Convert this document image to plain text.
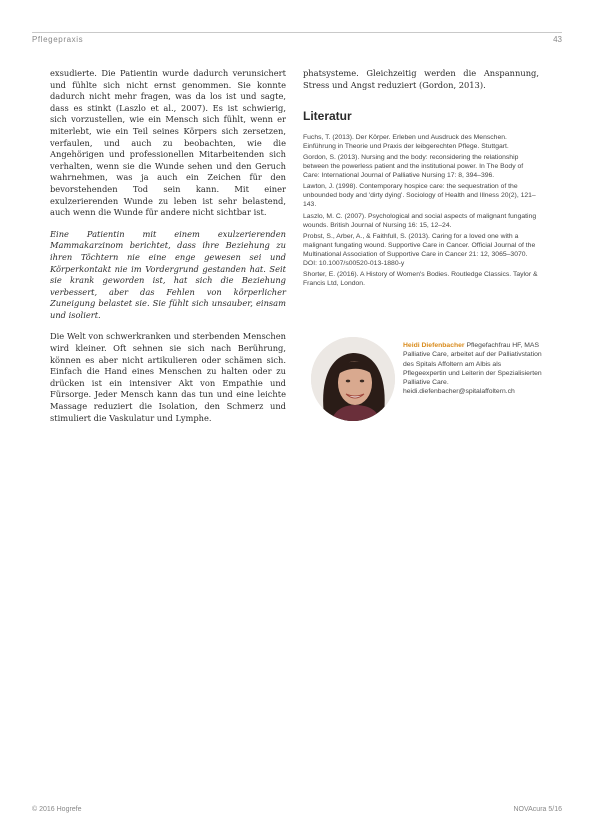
Pflegepraxis	43

exsudierte. Die Patientin wurde dadurch verunsichert und fühlte sich nicht ernst genommen. Sie konnte dadurch nicht mehr fragen, was da los ist und sagte, dass es stinkt (Laszlo et al., 2007). Es ist schwierig, sich vorzustellen, wie ein Mensch sich fühlt, wenn er miterlebt, wie ein Teil seines Körpers sich zersetzen, verfaulen, und auch zu beobachten, wie die Angehörigen und professionellen Mitarbeitenden sich verhalten, wenn sie die Wunde sehen und den Geruch wahrnehmen, was ja auch ein Zeichen für den bevorstehenden Tod sein kann. Mit einer exulzerierenden Wunde zu leben ist sehr belastend, auch wenn die Wunde für andere nicht sichtbar ist.

Eine Patientin mit einem exulzerierenden Mammakarzinom berichtet, dass ihre Beziehung zu ihren Töchtern nie eine enge gewesen sei und Körperkontakt nie im Vordergrund gestanden hat. Seit sie krank geworden ist, hat sich die Beziehung verbessert, aber das Fehlen von körperlicher Zuneigung belastet sie. Sie fühlt sich unsauber, einsam und isoliert.

Die Welt von schwerkranken und sterbenden Menschen wird kleiner. Oft sehnen sie sich nach Berührung, können es aber nicht artikulieren oder schämen sich. Einfach die Hand eines Menschen zu halten oder zu drücken ist ein intensiver Akt von Empathie und Fürsorge. Jeder Mensch kann das tun und eine leichte Massage reduziert die Isolation, den Schmerz und stimuliert die Vaskulatur und Lymphe.

phatsysteme. Gleichzeitig werden die Anspannung, Stress und Angst reduziert (Gordon, 2013).

Literatur
Fuchs, T. (2013). Der Körper. Erleben und Ausdruck des Menschen. Einführung in Theorie und Praxis der leibgerechten Pflege. Stuttgart.
Gordon, S. (2013). Nursing and the body: reconsidering the relationship between the powerless patient and the institutional power. In The Body of Care: International Journal of Palliative Nursing 17: 8, 394–396.
Lawton, J. (1998). Contemporary hospice care: the sequestration of the unbounded body and 'dirty dying'. Sociology of Health and Illness 20(2), 121–143.
Laszlo, M. C. (2007). Psychological and social aspects of malignant fungating wounds. British Journal of Nursing 16: 15, 12–24.
Probst, S., Arber, A., & Faithfull, S. (2013). Caring for a loved one with a malignant fungating wound. Supportive Care in Cancer. Official Journal of the Multinational Association of Supportive Care in Cancer 21: 12, 3065–3070. DOI: 10.1007/s00520-013-1880-y
Shorter, E. (2016). A History of Women's Bodies. Routledge Classics. Taylor & Francis Ltd, London.
Heidi Diefenbacher Pflegefachfrau HF, MAS Palliative Care, arbeitet auf der Palliativstation des Spitals Affoltern am Albis als Pflegeexpertin und Leiterin der Spezialisierten Palliative Care.
heidi.diefenbacher@spitalaffoltern.ch
© 2016 Hogrefe	NOVAcura 5/16
